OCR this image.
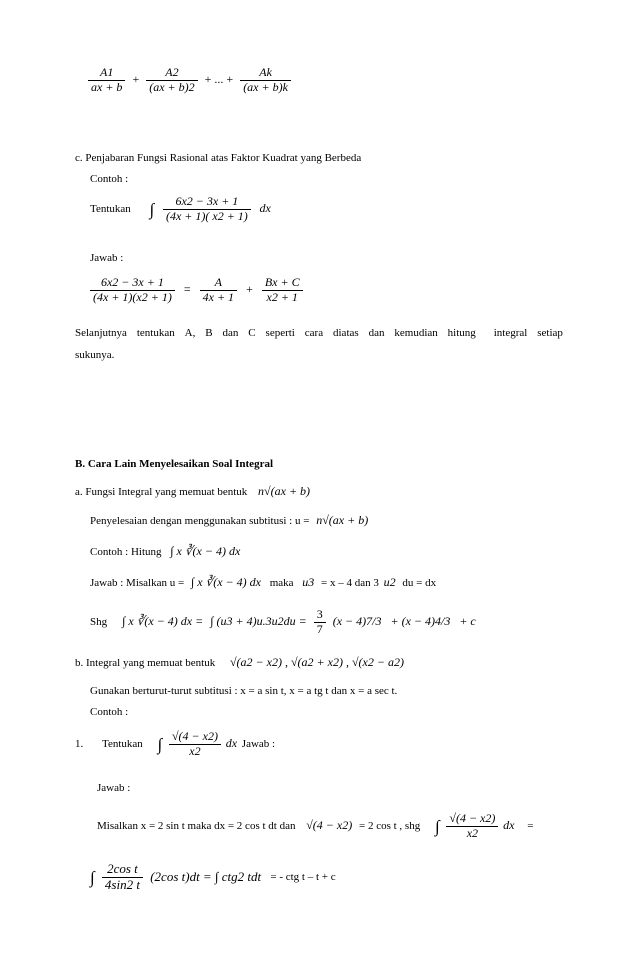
$\frac{A1}{ax + b} + \frac{A2}{(ax + b)2}$ + ... + $\frac{Ak}{(ax + b)k}$
c. Penjabaran Fungsi Rasional atas Faktor Kuadrat yang Berbeda
Contoh :
Tentukan ∫ $\frac{6x2 - 3x + 1}{(4x + 1)( x2 + 1)}$ dx
Jawab :
$\frac{6x2 - 3x + 1}{(4x + 1)(x2 + 1)} = \frac{A}{4x + 1} + \frac{Bx + C}{x2 + 1}$
Selanjutnya tentukan A, B dan C seperti cara diatas dan kemudian hitung integral setiap
sukunya.
B. Cara Lain Menyelesaikan Soal Integral
a. Fungsi Integral yang memuat bentuk n√(ax + b)
Penyelesaian dengan menggunakan subtitusi : u = n√(ax + b)
Contoh : Hitung ∫ x ∛(x − 4) dx
Jawab : Misalkan u = ∫ x ∛(x − 4) dx maka u3 = x – 4 dan 3 u2 du = dx
Shg ∫ x ∛(x − 4) dx = ∫ $(u3 + 4)u.3u2du = \frac{3}{7} (x - 4)7/3 + (x - 4)4/3 + c$
b. Integral yang memuat bentuk √(a2 − x2) , √(a2 + x2) , √(x2 − a2)
Gunakan berturut-turut subtitusi : x = a sin t, x = a tg t dan x = a sec t.
Contoh :
1. Tentukan ∫ $\frac{√(4 - x2)}{x2}$ dx Jawab :
Jawab :
Misalkan x = 2 sin t maka dx = 2 cos t dt dan √(4 − x2) = 2 cos t , shg ∫ $\frac{√(4 - x2)}{x2}$ dx =
∫ $\frac{\text{2cos t}}{4\sin 2 t} (2\cos$ t)dt = ∫ ctg2 tdt = - ctg t – t + c
